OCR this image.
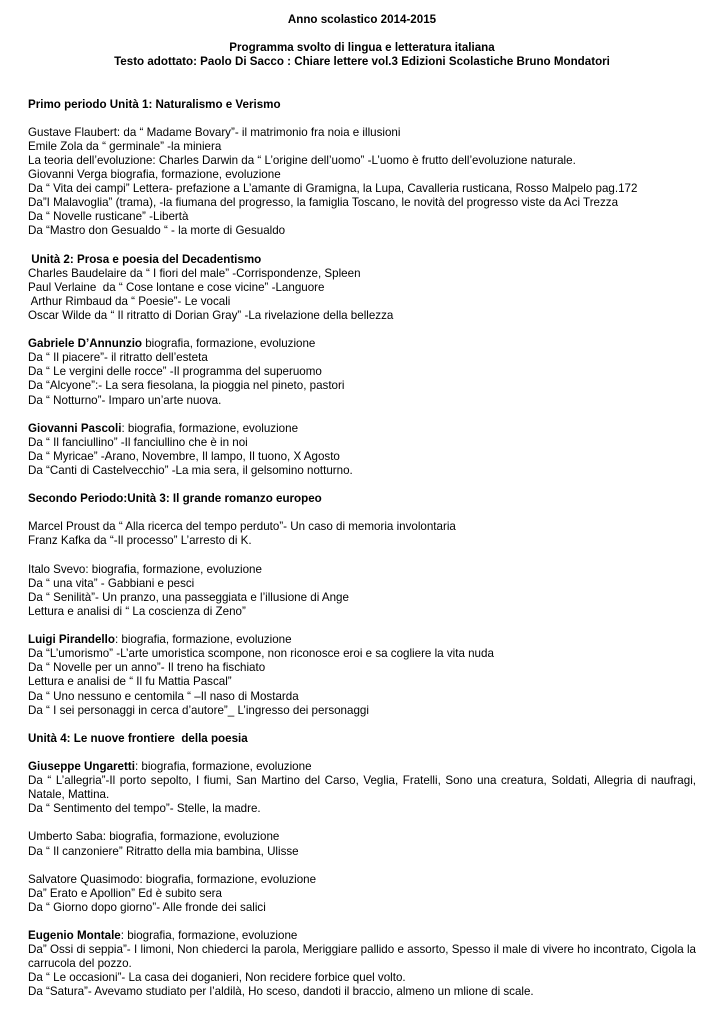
Anno scolastico 2014-2015
Programma svolto di lingua e letteratura italiana
Testo adottato: Paolo Di Sacco : Chiare lettere vol.3 Edizioni Scolastiche Bruno Mondatori
Primo periodo Unità 1: Naturalismo e Verismo
Gustave Flaubert: da “ Madame Bovary”- il matrimonio fra noia e illusioni
Emile Zola da “ germinale” -la miniera
La teoria dell’evoluzione: Charles Darwin da “ L’origine dell’uomo” -L’uomo è frutto dell’evoluzione naturale.
Giovanni Verga biografia, formazione, evoluzione
Da “ Vita dei campi” Lettera- prefazione a L’amante di Gramigna, la Lupa, Cavalleria rusticana, Rosso Malpelo pag.172
Da”I Malavoglia” (trama), -la fiumana del progresso, la famiglia Toscano, le novità del progresso viste da Aci Trezza
Da “ Novelle rusticane” -Libertà
Da “Mastro don Gesualdo “ - la morte di Gesualdo
Unità 2: Prosa e poesia del Decadentismo
Charles Baudelaire da “ I fiori del male” -Corrispondenze, Spleen
Paul Verlaine  da “ Cose lontane e cose vicine” -Languore
Arthur Rimbaud da “ Poesie”- Le vocali
Oscar Wilde da “ Il ritratto di Dorian Gray” -La rivelazione della bellezza
Gabriele D’Annunzio biografia, formazione, evoluzione
Da “ Il piacere”- il ritratto dell’esteta
Da “ Le vergini delle rocce” -Il programma del superuomo
Da “Alcyone”:- La sera fiesolana, la pioggia nel pineto, pastori
Da “ Notturno”- Imparo un’arte nuova.
Giovanni Pascoli: biografia, formazione, evoluzione
Da “ Il fanciullino” -Il fanciullino che è in noi
Da “ Myricae” -Arano, Novembre, Il lampo, Il tuono, X Agosto
Da “Canti di Castelvecchio” -La mia sera, il gelsomino notturno.
Secondo Periodo:Unità 3: Il grande romanzo europeo
Marcel Proust da “ Alla ricerca del tempo perduto”- Un caso di memoria involontaria
Franz Kafka da “-Il processo” L’arresto di K.
Italo Svevo: biografia, formazione, evoluzione
Da “ una vita” - Gabbiani e pesci
Da “ Senilità”- Un pranzo, una passeggiata e l’illusione di Ange
Lettura e analisi di “ La coscienza di Zeno”
Luigi Pirandello: biografia, formazione, evoluzione
Da “L’umorismo” -L’arte umoristica scompone, non riconosce eroi e sa cogliere la vita nuda
Da “ Novelle per un anno”- Il treno ha fischiato
Lettura e analisi de “ Il fu Mattia Pascal”
Da “ Uno nessuno e centomila “ –Il naso di Mostarda
Da “ I sei personaggi in cerca d’autore”_ L’ingresso dei personaggi
Unità 4: Le nuove frontiere  della poesia
Giuseppe Ungaretti: biografia, formazione, evoluzione
Da “ L’allegria”-Il porto sepolto, I fiumi, San Martino del Carso, Veglia, Fratelli, Sono una creatura, Soldati, Allegria di naufragi, Natale, Mattina.
Da “ Sentimento del tempo”- Stelle, la madre.
Umberto Saba: biografia, formazione, evoluzione
Da “ Il canzoniere” Ritratto della mia bambina, Ulisse
Salvatore Quasimodo: biografia, formazione, evoluzione
Da” Erato e Apollion” Ed è subito sera
Da “ Giorno dopo giorno”- Alle fronde dei salici
Eugenio Montale: biografia, formazione, evoluzione
Da” Ossi di seppia”- I limoni, Non chiederci la parola, Meriggiare pallido e assorto, Spesso il male di vivere ho incontrato, Cigola la carrucola del pozzo.
Da “ Le occasioni”- La casa dei doganieri, Non recidere forbice quel volto.
Da “Satura”- Avevamo studiato per l’aldilà, Ho sceso, dandoti il braccio, almeno un mlione di scale.
